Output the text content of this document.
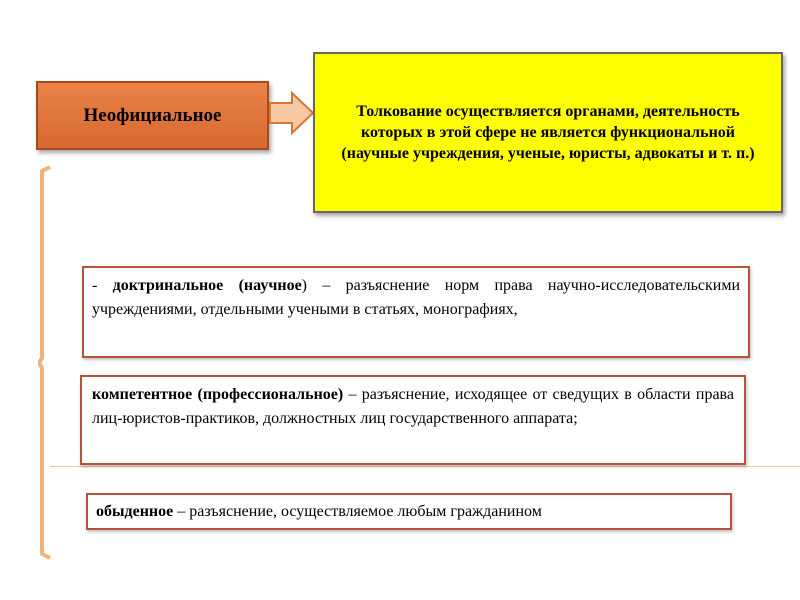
Неофициальное	Толкование осуществляется органами, деятельность которых в этой сфере не является функциональной (научные учреждения, ученые, юристы, адвокаты и т. п.)
- доктринальное (научное) – разъяснение норм права научно-исследовательскими учреждениями, отдельными учеными в статьях, монографиях,
компетентное (профессиональное) – разъяснение, исходящее от сведущих в области права лиц-юристов-практиков, должностных лиц государственного аппарата;
обыденное – разъяснение, осуществляемое любым гражданином
